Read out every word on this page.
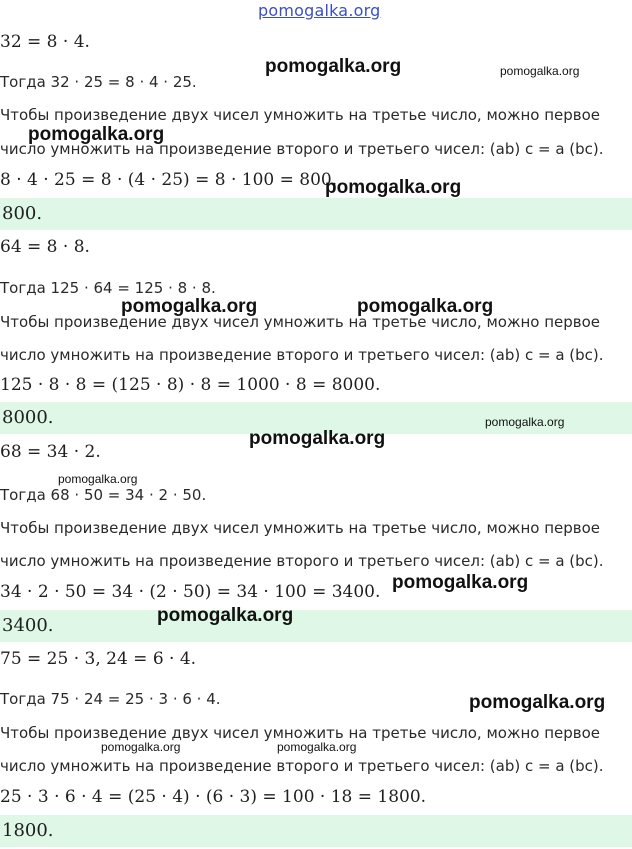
pomogalka.org
32 = 8 · 4.
Тогда 32 · 25 = 8 · 4 · 25.
Чтобы произведение двух чисел умножить на третье число, можно первое
число умножить на произведение второго и третьего чисел: (ab) c = a (bc).
8 · 4 · 25 = 8 · (4 · 25) = 8 · 100 = 800.
800.
64 = 8 · 8.
Тогда 125 · 64 = 125 · 8 · 8.
Чтобы произведение двух чисел умножить на третье число, можно первое
число умножить на произведение второго и третьего чисел: (ab) c = a (bc).
125 · 8 · 8 = (125 · 8) · 8 = 1000 · 8 = 8000.
8000.
68 = 34 · 2.
Тогда 68 · 50 = 34 · 2 · 50.
Чтобы произведение двух чисел умножить на третье число, можно первое
число умножить на произведение второго и третьего чисел: (ab) c = a (bc).
34 · 2 · 50 = 34 · (2 · 50) = 34 · 100 = 3400.
3400.
75 = 25 · 3, 24 = 6 · 4.
Тогда 75 · 24 = 25 · 3 · 6 · 4.
Чтобы произведение двух чисел умножить на третье число, можно первое
число умножить на произведение второго и третьего чисел: (ab) c = a (bc).
25 · 3 · 6 · 4 = (25 · 4) · (6 · 3) = 100 · 18 = 1800.
1800.
pomogalka.org	pomogalka.org
pomogalka.org
pomogalka.org
pomogalka.org	pomogalka.org
pomogalka.org
pomogalka.org
pomogalka.org
pomogalka.org
pomogalka.org
pomogalka.org
pomogalka.org	pomogalka.org
